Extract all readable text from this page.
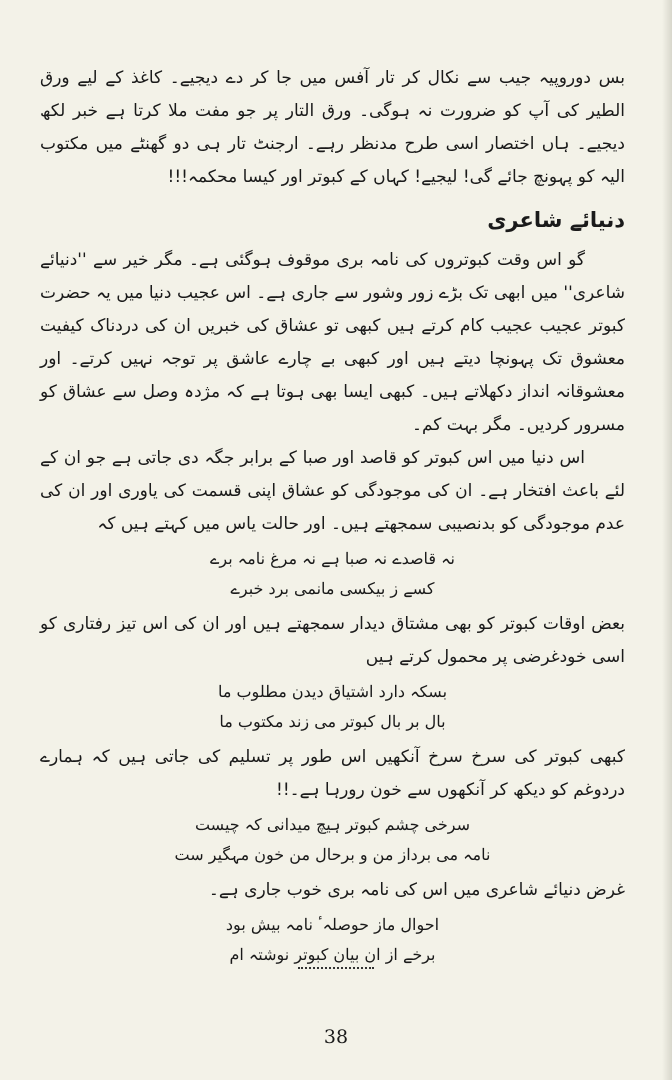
بس دوروپیہ جیب سے نکال کر تار آفس میں جا کر دے دیجیے۔ کاغذ کے لیے ورق الطیر کی آپ کو ضرورت نہ ہوگی۔ ورق التار پر جو مفت ملا کرتا ہے خبر لکھ دیجیے۔ ہاں اختصار اسی طرح مدنظر رہے۔ ارجنٹ تار ہی دو گھنٹے میں مکتوب الیہ کو پہونچ جائے گی! لیجیے! کہاں کے کبوتر اور کیسا محکمہ!!!

دنیائے شاعری

گو اس وقت کبوتروں کی نامہ بری موقوف ہوگئی ہے۔ مگر خیر سے ''دنیائے شاعری'' میں ابھی تک بڑے زور وشور سے جاری ہے۔ اس عجیب دنیا میں یہ حضرت کبوتر عجیب عجیب کام کرتے ہیں کبھی تو عشاق کی خبریں ان کی دردناک کیفیت معشوق تک پہونچا دیتے ہیں اور کبھی بے چارے عاشق پر توجہ نہیں کرتے۔ اور معشوقانہ انداز دکھلاتے ہیں۔ کبھی ایسا بھی ہوتا ہے کہ مژدہ وصل سے عشاق کو مسرور کردیں۔ مگر بہت کم۔

اس دنیا میں اس کبوتر کو قاصد اور صبا کے برابر جگہ دی جاتی ہے جو ان کے لئے باعث افتخار ہے۔ ان کی موجودگی کو عشاق اپنی قسمت کی یاوری اور ان کی عدم موجودگی کو بدنصیبی سمجھتے ہیں۔ اور حالت یاس میں کہتے ہیں کہ

نہ قاصدے نہ صبا ہے نہ مرغ نامہ برے
کسے ز بیکسی مانمی برد خبرے

بعض اوقات کبوتر کو بھی مشتاق دیدار سمجھتے ہیں اور ان کی اس تیز رفتاری کو اسی خودغرضی پر محمول کرتے ہیں

بسکہ دارد اشتیاق دیدن مطلوب ما
بال بر بال کبوتر می زند مکتوب ما

کبھی کبوتر کی سرخ سرخ آنکھیں اس طور پر تسلیم کی جاتی ہیں کہ ہمارے دردوغم کو دیکھ کر آنکھوں سے خون رورہا ہے۔!!

سرخی چشم کبوتر ہیچ میدانی کہ چیست
نامہ می برداز من و برحال من خون مہگیر ست

غرض دنیائے شاعری میں اس کی نامہ بری خوب جاری ہے۔

احوال ماز حوصلہٴ نامہ بیش بود
برخے از ان بیان کبوتر نوشتہ ام
38
